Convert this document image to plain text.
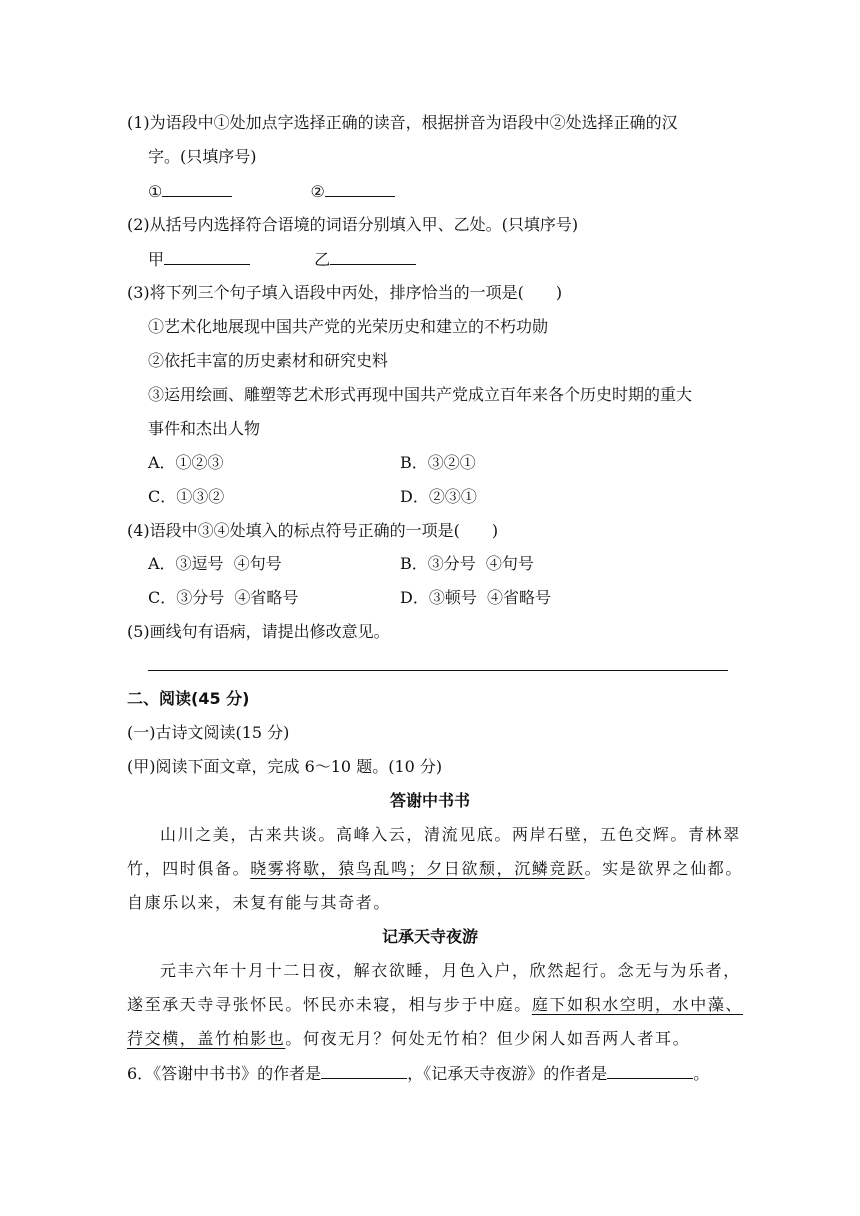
(1)为语段中①处加点字选择正确的读音，根据拼音为语段中②处选择正确的汉
字。(只填序号)
①	②
(2)从括号内选择符合语境的词语分别填入甲、乙处。(只填序号)
甲	乙
(3)将下列三个句子填入语段中丙处，排序恰当的一项是(　　)
①艺术化地展现中国共产党的光荣历史和建立的不朽功勋
②依托丰富的历史素材和研究史料
③运用绘画、雕塑等艺术形式再现中国共产党成立百年来各个历史时期的重大
事件和杰出人物
A．①②③	B．③②①
C．①③②	D．②③①
(4)语段中③④处填入的标点符号正确的一项是(　　)
A．③逗号  ④句号	B．③分号  ④句号
C．③分号  ④省略号	D．③顿号  ④省略号
(5)画线句有语病，请提出修改意见。
二、阅读(45 分)
(一)古诗文阅读(15 分)
(甲)阅读下面文章，完成 6～10 题。(10 分)
答谢中书书
山川之美，古来共谈。高峰入云，清流见底。两岸石壁，五色交辉。青林翠
竹，四时俱备。晓雾将歇，猿鸟乱鸣；夕日欲颓，沉鳞竞跃。实是欲界之仙都。
自康乐以来，未复有能与其奇者。
记承天寺夜游
元丰六年十月十二日夜，解衣欲睡，月色入户，欣然起行。念无与为乐者，
遂至承天寺寻张怀民。怀民亦未寝，相与步于中庭。庭下如积水空明，水中藻、
荇交横，盖竹柏影也。何夜无月？何处无竹柏？但少闲人如吾两人者耳。
6．《答谢中书书》的作者是	，《记承天寺夜游》的作者是	。
